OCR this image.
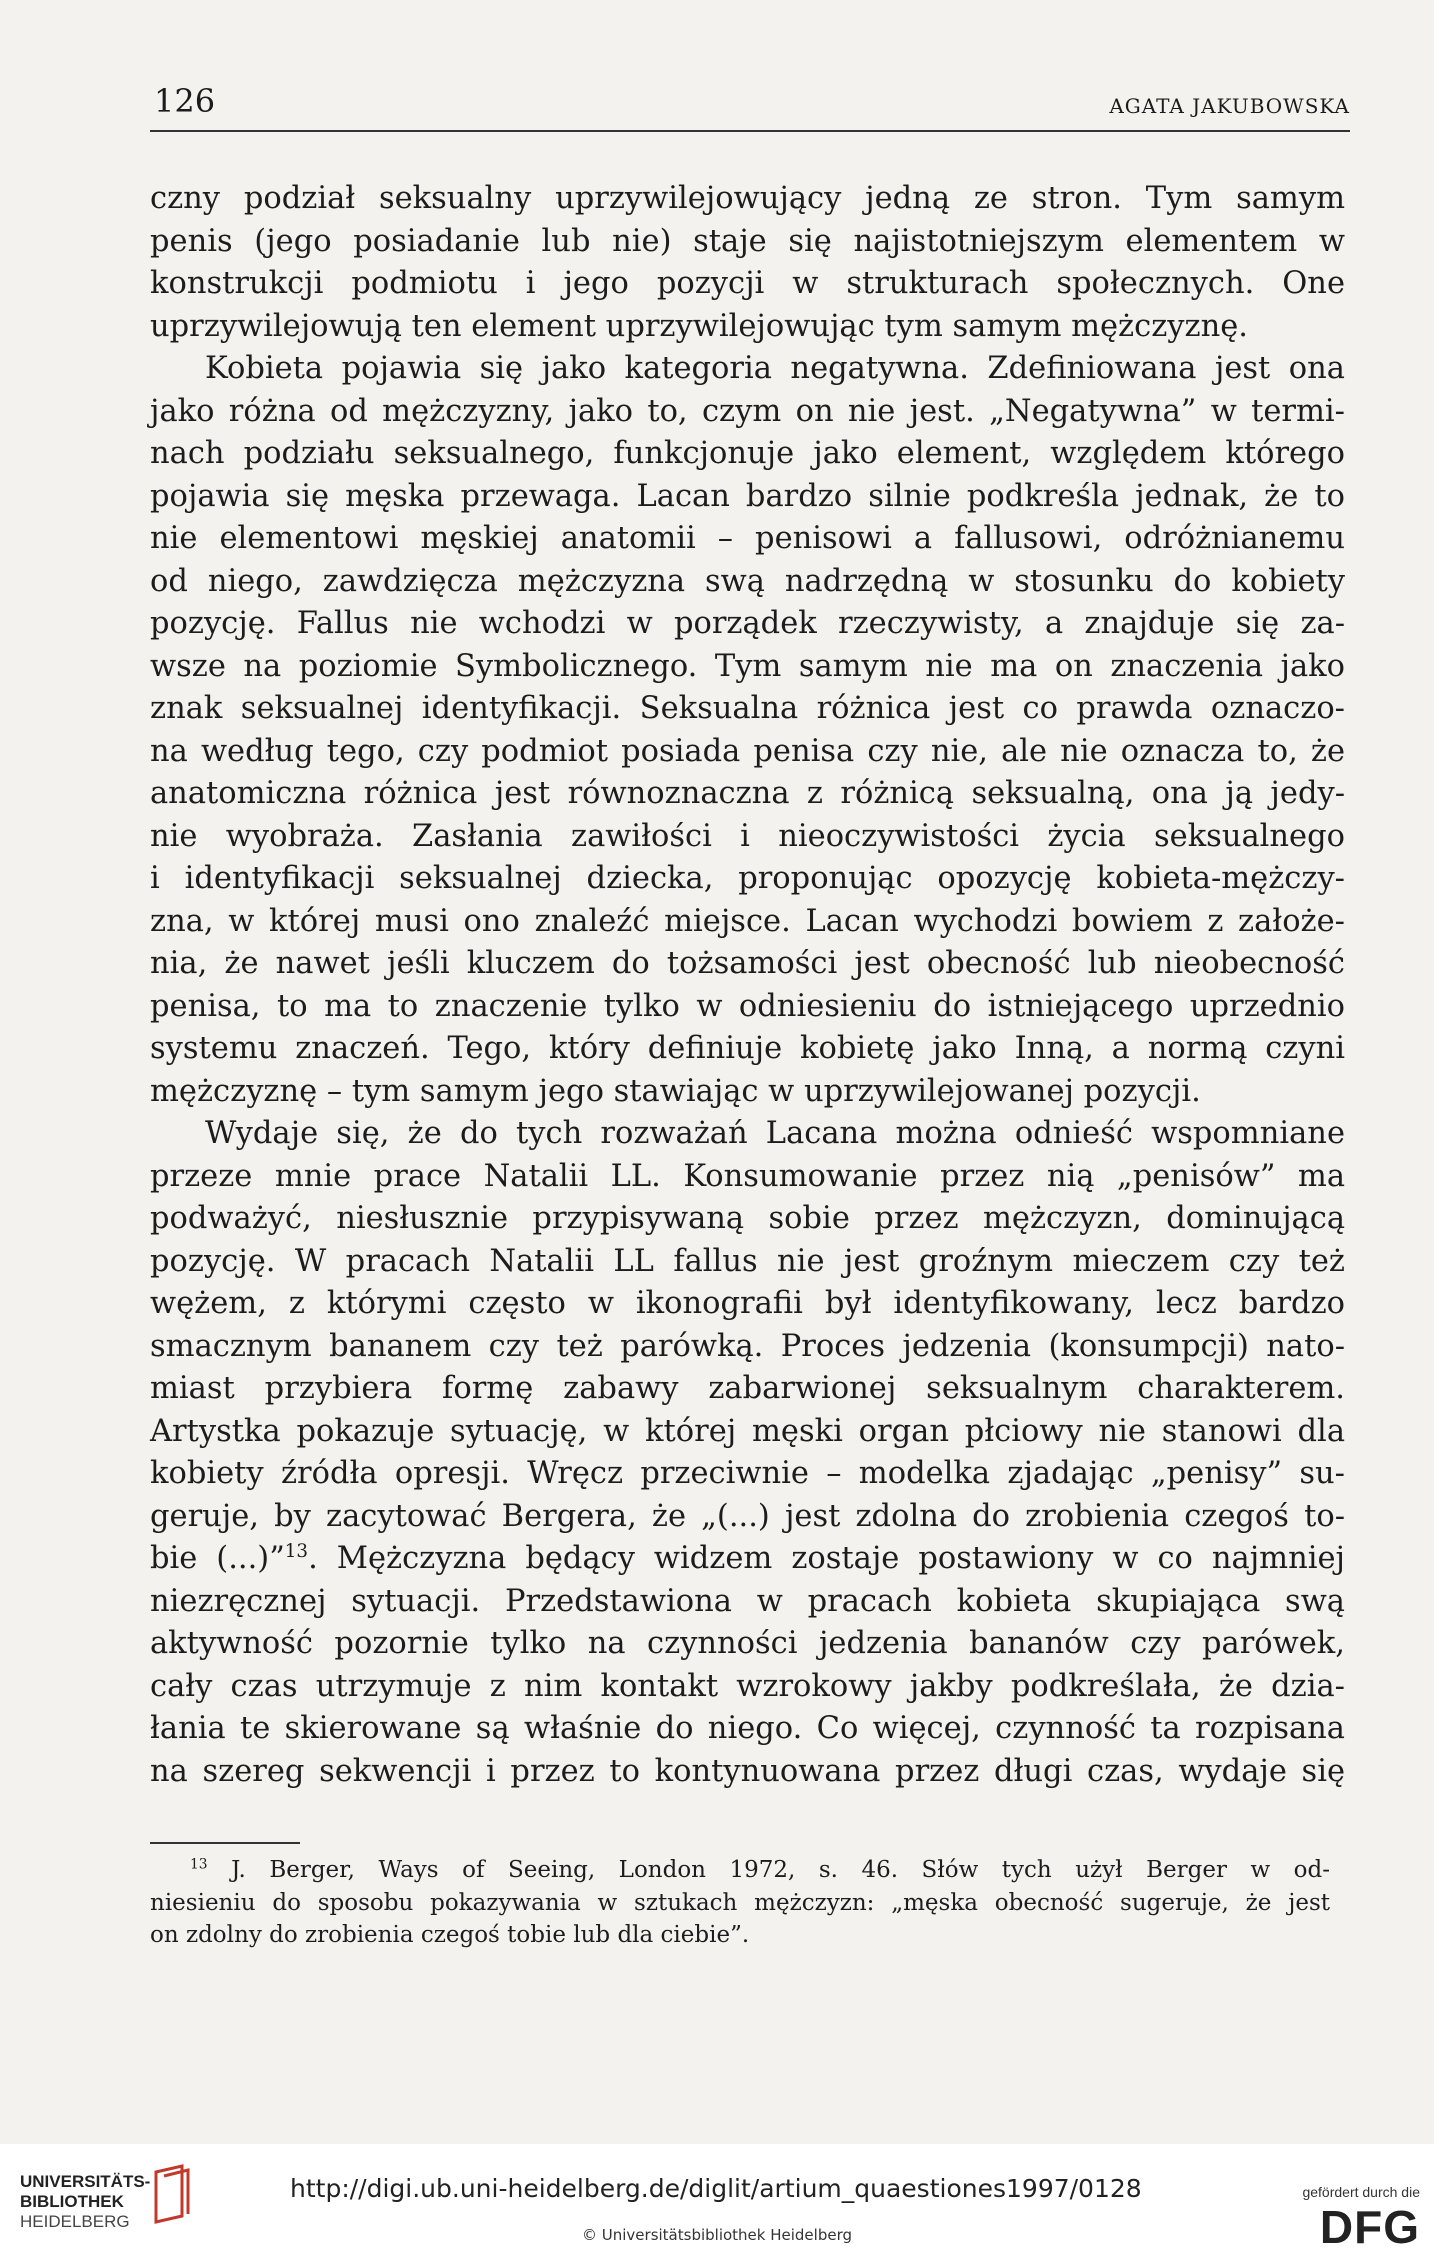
126	AGATA JAKUBOWSKA
czny podział seksualny uprzywilejowujący jedną ze stron. Tym samym
penis (jego posiadanie lub nie) staje się najistotniejszym elementem w
konstrukcji podmiotu i jego pozycji w strukturach społecznych. One
uprzywilejowują ten element uprzywilejowując tym samym mężczyznę.
Kobieta pojawia się jako kategoria negatywna. Zdefiniowana jest ona
jako różna od mężczyzny, jako to, czym on nie jest. „Negatywna” w termi-
nach podziału seksualnego, funkcjonuje jako element, względem którego
pojawia się męska przewaga. Lacan bardzo silnie podkreśla jednak, że to
nie elementowi męskiej anatomii – penisowi a fallusowi, odróżnianemu
od niego, zawdzięcza mężczyzna swą nadrzędną w stosunku do kobiety
pozycję. Fallus nie wchodzi w porządek rzeczywisty, a znajduje się za-
wsze na poziomie Symbolicznego. Tym samym nie ma on znaczenia jako
znak seksualnej identyfikacji. Seksualna różnica jest co prawda oznaczo-
na według tego, czy podmiot posiada penisa czy nie, ale nie oznacza to, że
anatomiczna różnica jest równoznaczna z różnicą seksualną, ona ją jedy-
nie wyobraża. Zasłania zawiłości i nieoczywistości życia seksualnego
i identyfikacji seksualnej dziecka, proponując opozycję kobieta-mężczy-
zna, w której musi ono znaleźć miejsce. Lacan wychodzi bowiem z założe-
nia, że nawet jeśli kluczem do tożsamości jest obecność lub nieobecność
penisa, to ma to znaczenie tylko w odniesieniu do istniejącego uprzednio
systemu znaczeń. Tego, który definiuje kobietę jako Inną, a normą czyni
mężczyznę – tym samym jego stawiając w uprzywilejowanej pozycji.
Wydaje się, że do tych rozważań Lacana można odnieść wspomniane
przeze mnie prace Natalii LL. Konsumowanie przez nią „penisów” ma
podważyć, niesłusznie przypisywaną sobie przez mężczyzn, dominującą
pozycję. W pracach Natalii LL fallus nie jest groźnym mieczem czy też
wężem, z którymi często w ikonografii był identyfikowany, lecz bardzo
smacznym bananem czy też parówką. Proces jedzenia (konsumpcji) nato-
miast przybiera formę zabawy zabarwionej seksualnym charakterem.
Artystka pokazuje sytuację, w której męski organ płciowy nie stanowi dla
kobiety źródła opresji. Wręcz przeciwnie – modelka zjadając „penisy” su-
geruje, by zacytować Bergera, że „(...) jest zdolna do zrobienia czegoś to-
bie (...)”$^{13}$. Mężczyzna będący widzem zostaje postawiony w co najmniej
niezręcznej sytuacji. Przedstawiona w pracach kobieta skupiająca swą
aktywność pozornie tylko na czynności jedzenia bananów czy parówek,
cały czas utrzymuje z nim kontakt wzrokowy jakby podkreślała, że dzia-
łania te skierowane są właśnie do niego. Co więcej, czynność ta rozpisana
na szereg sekwencji i przez to kontynuowana przez długi czas, wydaje się
$^{13}$ J. Berger, Ways of Seeing, London 1972, s. 46. Słów tych użył Berger w od-
niesieniu do sposobu pokazywania w sztukach mężczyzn: „męska obecność sugeruje, że jest
on zdolny do zrobienia czegoś tobie lub dla ciebie”.
UNIVERSITÄTS-
BIBLIOTHEK
HEIDELBERG
http://digi.ub.uni-heidelberg.de/diglit/artium_quaestiones1997/0128
© Universitätsbibliothek Heidelberg
gefördert durch die
DFG
